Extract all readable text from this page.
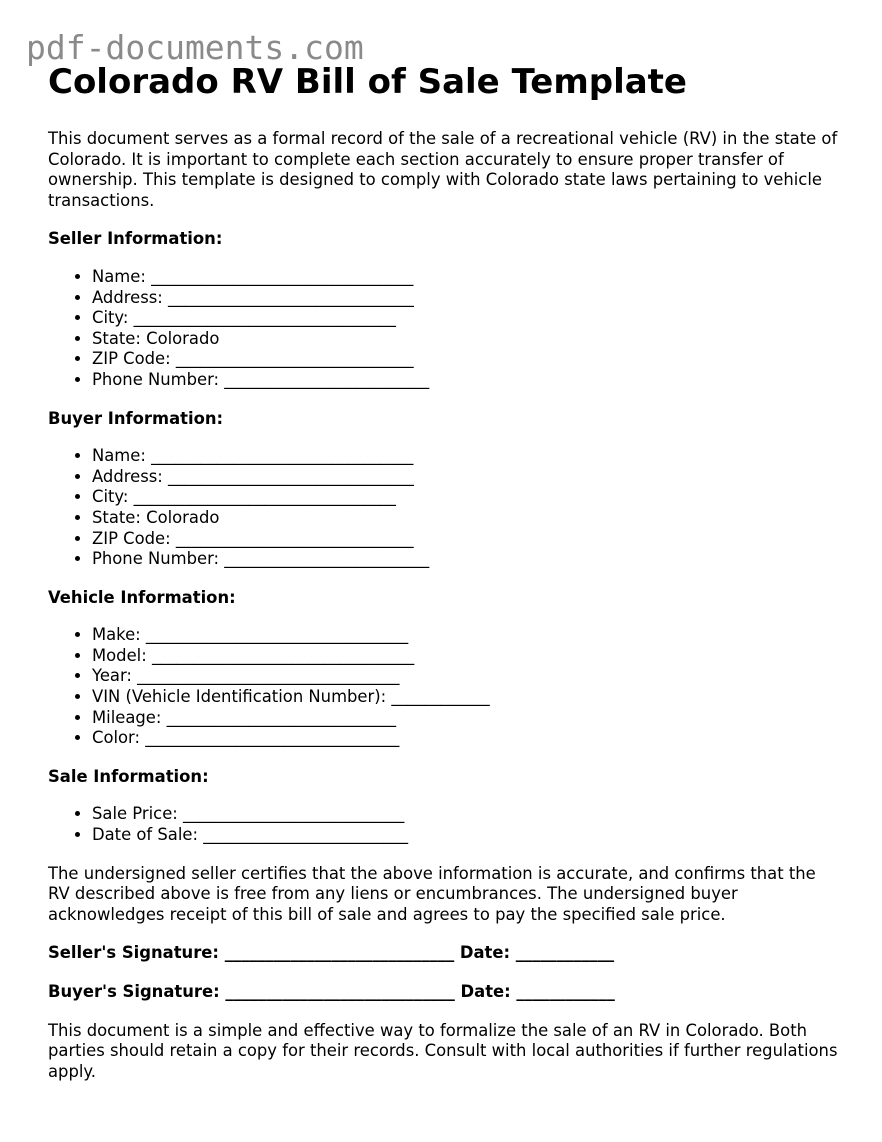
pdf-documents.com
Colorado RV Bill of Sale Template

This document serves as a formal record of the sale of a recreational vehicle (RV) in the state of Colorado. It is important to complete each section accurately to ensure proper transfer of ownership. This template is designed to comply with Colorado state laws pertaining to vehicle transactions.

Seller Information:
• Name: ________________________________
• Address: ______________________________
• City: ________________________________
• State: Colorado
• ZIP Code: _____________________________
• Phone Number: _________________________
Buyer Information:
• Name: ________________________________
• Address: ______________________________
• City: ________________________________
• State: Colorado
• ZIP Code: _____________________________
• Phone Number: _________________________
Vehicle Information:
• Make: ________________________________
• Model: ________________________________
• Year: ________________________________
• VIN (Vehicle Identification Number): ____________
• Mileage: ____________________________
• Color: _______________________________
Sale Information:
• Sale Price: ___________________________
• Date of Sale: _________________________

The undersigned seller certifies that the above information is accurate, and confirms that the RV described above is free from any liens or encumbrances. The undersigned buyer acknowledges receipt of this bill of sale and agrees to pay the specified sale price.

Seller's Signature: ____________________________ Date: ____________

Buyer's Signature: ____________________________ Date: ____________

This document is a simple and effective way to formalize the sale of an RV in Colorado. Both parties should retain a copy for their records. Consult with local authorities if further regulations apply.
